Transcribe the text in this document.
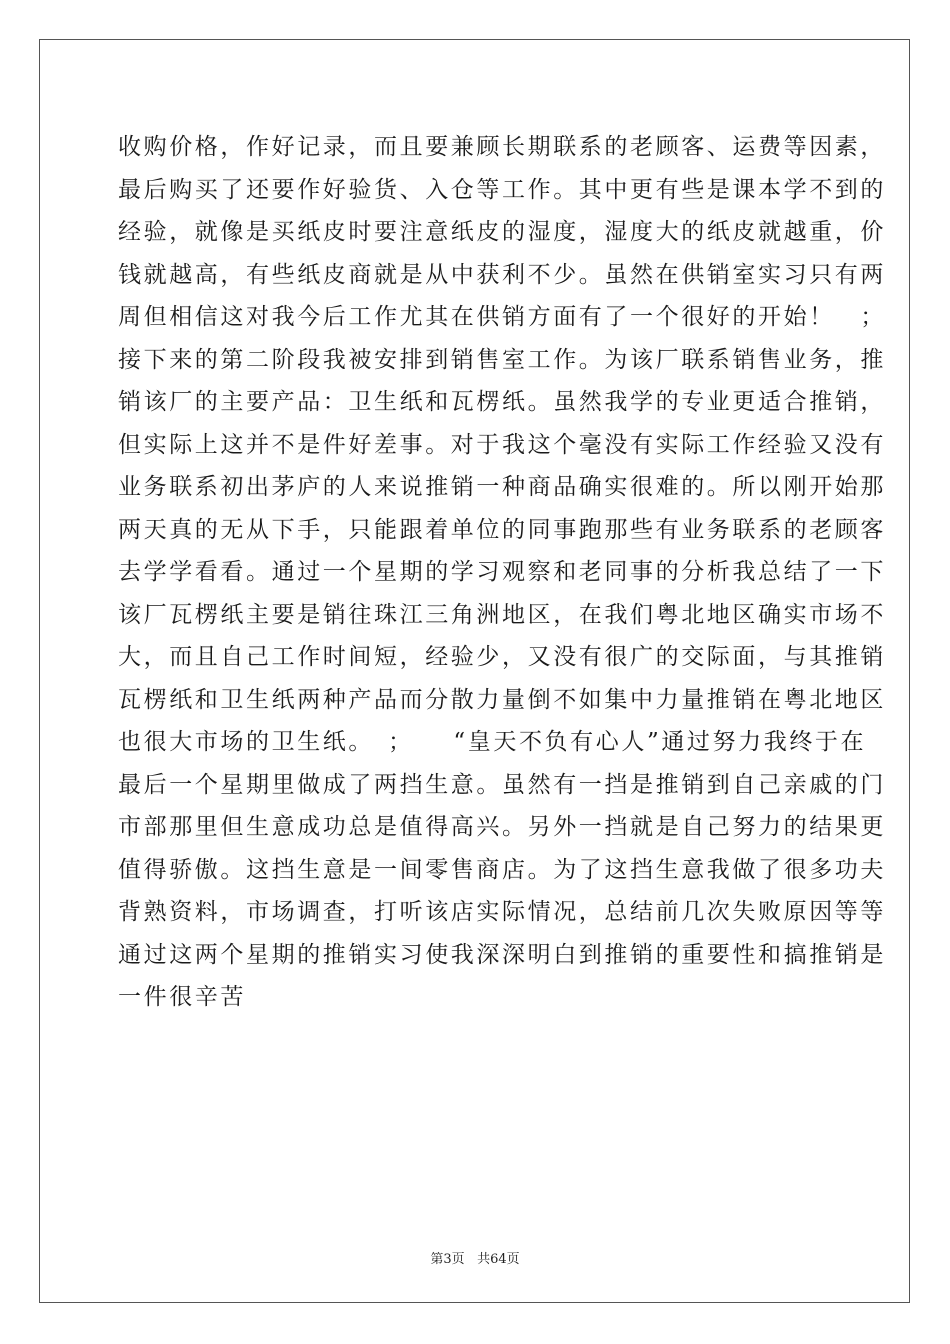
收购价格，作好记录，而且要兼顾长期联系的老顾客、运费等因素，
最后购买了还要作好验货、入仓等工作。其中更有些是课本学不到的
经验，就像是买纸皮时要注意纸皮的湿度，湿度大的纸皮就越重，价
钱就越高，有些纸皮商就是从中获利不少。虽然在供销室实习只有两
周但相信这对我今后工作尤其在供销方面有了一个很好的开始！　；
接下来的第二阶段我被安排到销售室工作。为该厂联系销售业务，推
销该厂的主要产品：卫生纸和瓦楞纸。虽然我学的专业更适合推销，
但实际上这并不是件好差事。对于我这个毫没有实际工作经验又没有
业务联系初出茅庐的人来说推销一种商品确实很难的。所以刚开始那
两天真的无从下手，只能跟着单位的同事跑那些有业务联系的老顾客
去学学看看。通过一个星期的学习观察和老同事的分析我总结了一下
该厂瓦楞纸主要是销往珠江三角洲地区，在我们粤北地区确实市场不
大，而且自己工作时间短，经验少，又没有很广的交际面，与其推销
瓦楞纸和卫生纸两种产品而分散力量倒不如集中力量推销在粤北地区
也很大市场的卫生纸。　；　　“皇天不负有心人”通过努力我终于在
最后一个星期里做成了两挡生意。虽然有一挡是推销到自己亲戚的门
市部那里但生意成功总是值得高兴。另外一挡就是自己努力的结果更
值得骄傲。这挡生意是一间零售商店。为了这挡生意我做了很多功夫
背熟资料，市场调查，打听该店实际情况，总结前几次失败原因等等
通过这两个星期的推销实习使我深深明白到推销的重要性和搞推销是
一件很辛苦
第3页 共64页
